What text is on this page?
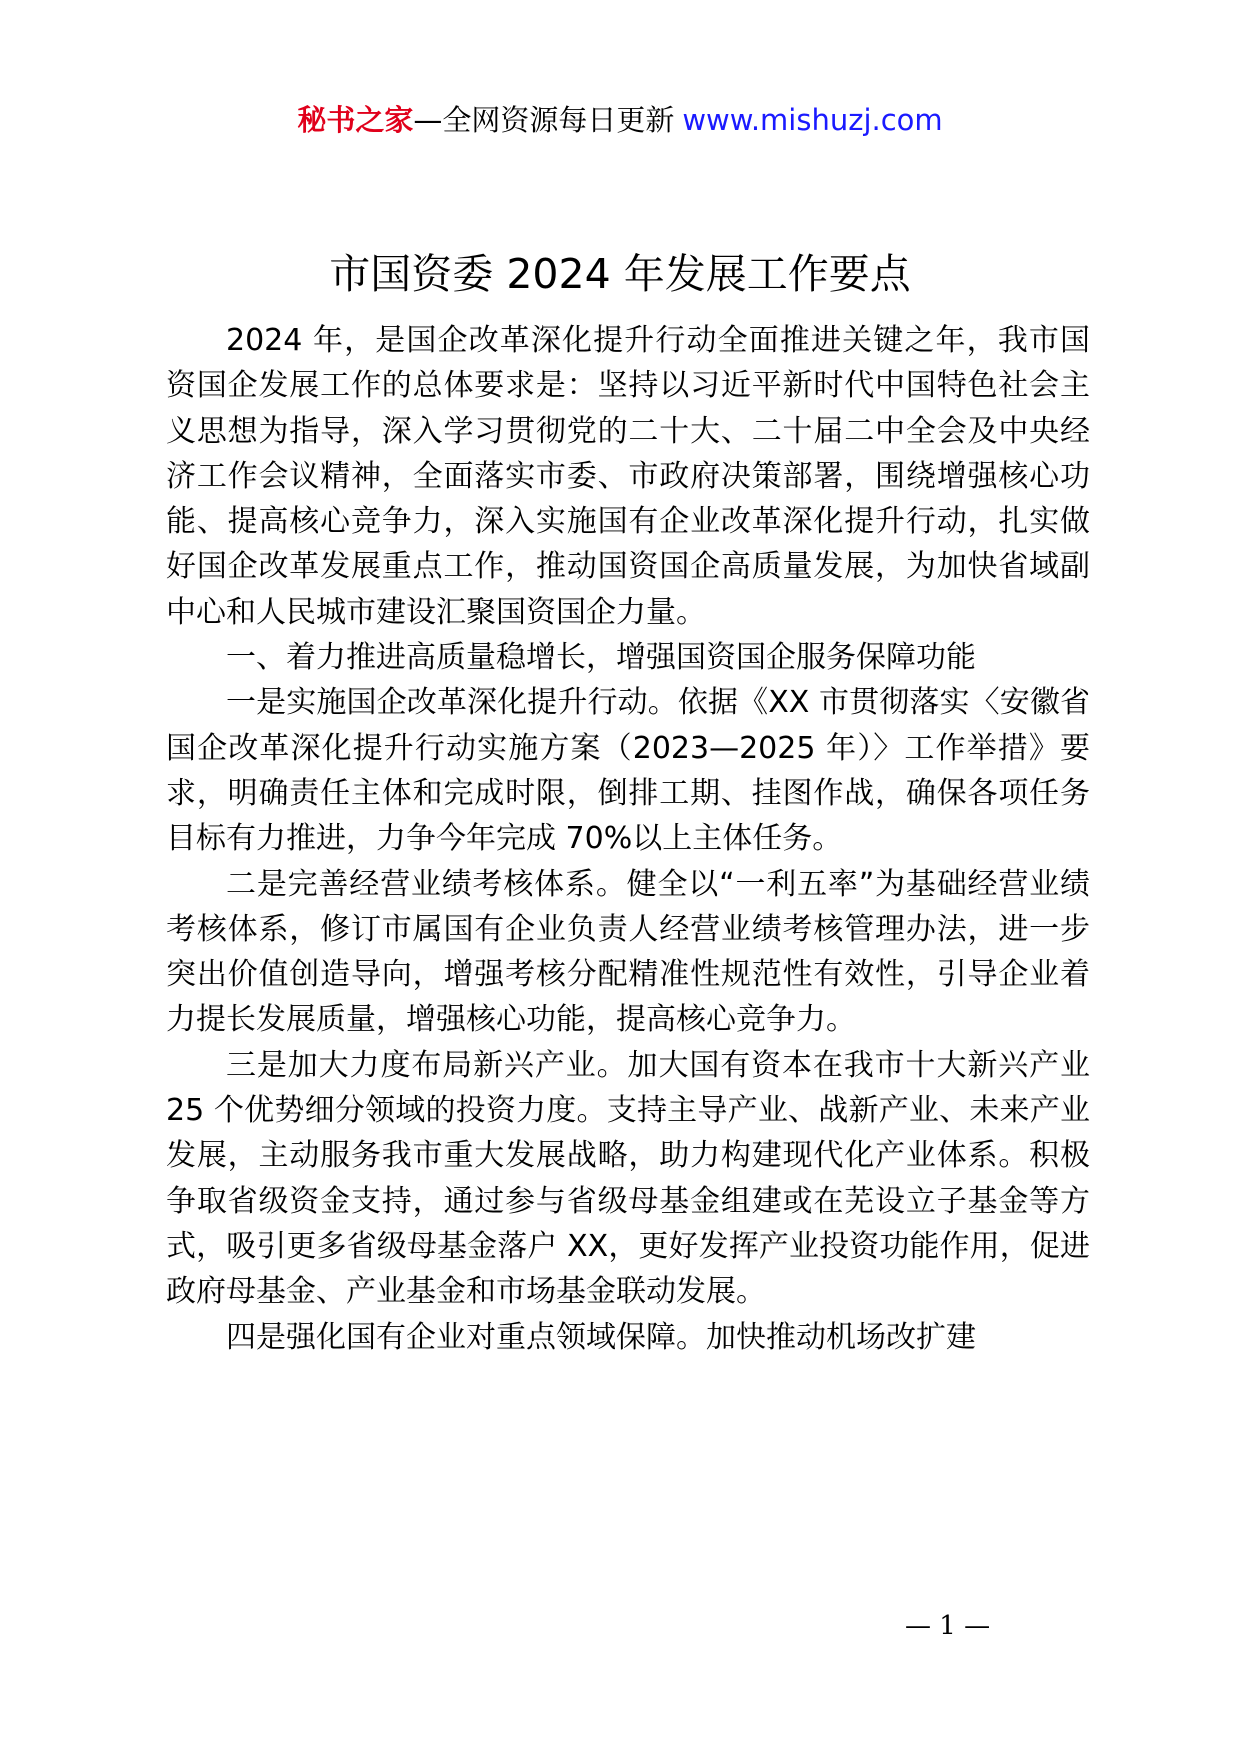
秘书之家—全网资源每日更新 www.mishuzj.com
市国资委 2024 年发展工作要点

2024 年，是国企改革深化提升行动全面推进关键之年，我市国资国企发展工作的总体要求是：坚持以习近平新时代中国特色社会主义思想为指导，深入学习贯彻党的二十大、二十届二中全会及中央经济工作会议精神，全面落实市委、市政府决策部署，围绕增强核心功能、提高核心竞争力，深入实施国有企业改革深化提升行动，扎实做好国企改革发展重点工作，推动国资国企高质量发展，为加快省域副中心和人民城市建设汇聚国资国企力量。

一、着力推进高质量稳增长，增强国资国企服务保障功能

一是实施国企改革深化提升行动。依据《XX 市贯彻落实〈安徽省国企改革深化提升行动实施方案（2023—2025 年）〉工作举措》要求，明确责任主体和完成时限，倒排工期、挂图作战，确保各项任务目标有力推进，力争今年完成 70%以上主体任务。

二是完善经营业绩考核体系。健全以“一利五率”为基础经营业绩考核体系，修订市属国有企业负责人经营业绩考核管理办法，进一步突出价值创造导向，增强考核分配精准性规范性有效性，引导企业着力提长发展质量，增强核心功能，提高核心竞争力。

三是加大力度布局新兴产业。加大国有资本在我市十大新兴产业 25 个优势细分领域的投资力度。支持主导产业、战新产业、未来产业发展，主动服务我市重大发展战略，助力构建现代化产业体系。积极争取省级资金支持，通过参与省级母基金组建或在芜设立子基金等方式，吸引更多省级母基金落户 XX，更好发挥产业投资功能作用，促进政府母基金、产业基金和市场基金联动发展。

四是强化国有企业对重点领域保障。加快推动机场改扩建

— 1 —
